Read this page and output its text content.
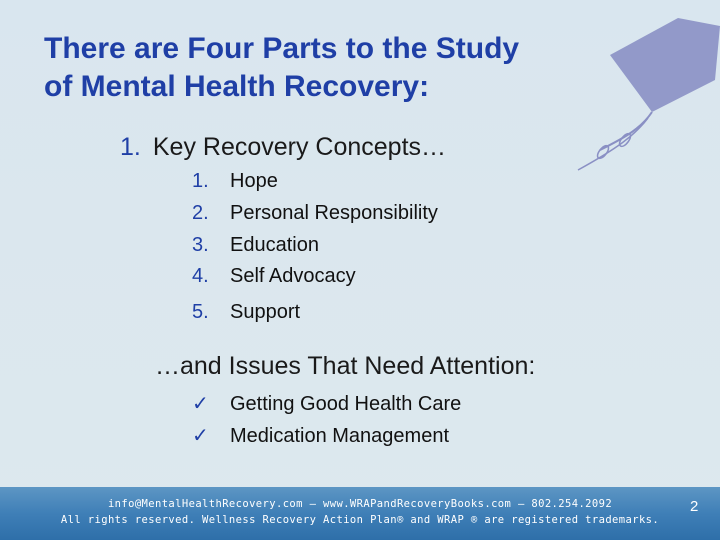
There are Four Parts to the Study
of Mental Health Recovery:
1. Key Recovery Concepts…
1. Hope
2. Personal Responsibility
3. Education
4. Self Advocacy
5. Support
…and Issues That Need Attention:
✓ Getting Good Health Care
✓ Medication Management
info@MentalHealthRecovery.com – www.WRAPandRecoveryBooks.com – 802.254.2092
All rights reserved. Wellness Recovery Action Plan® and WRAP ® are registered trademarks.
2
